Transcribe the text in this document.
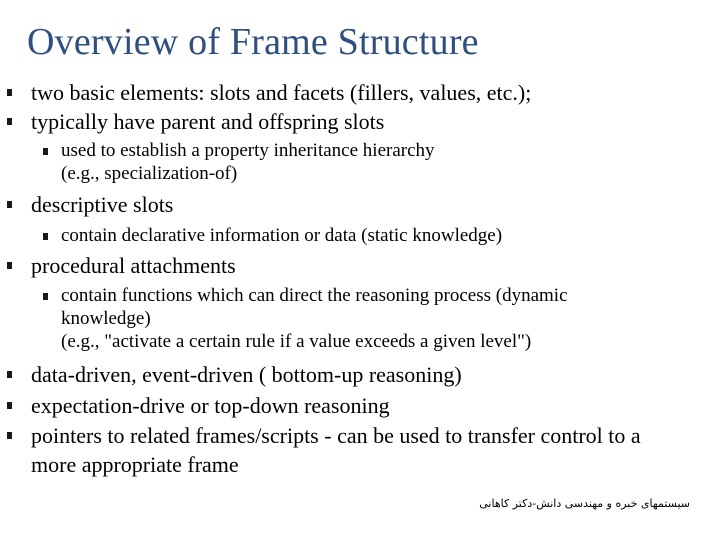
Overview of Frame Structure
two basic elements: slots and facets (fillers, values, etc.);
typically have parent and offspring slots
used to establish a property inheritance hierarchy
(e.g., specialization-of)
descriptive slots
contain declarative information or data (static knowledge)
procedural attachments
contain functions which can direct the reasoning process (dynamic
knowledge)
(e.g., "activate a certain rule if a value exceeds a given level")
data-driven, event-driven ( bottom-up reasoning)
expectation-drive or top-down reasoning
pointers to related frames/scripts - can be used to transfer control to a
more appropriate frame
سیستمهای خبره و مهندسی دانش-دکتر کاهانی
